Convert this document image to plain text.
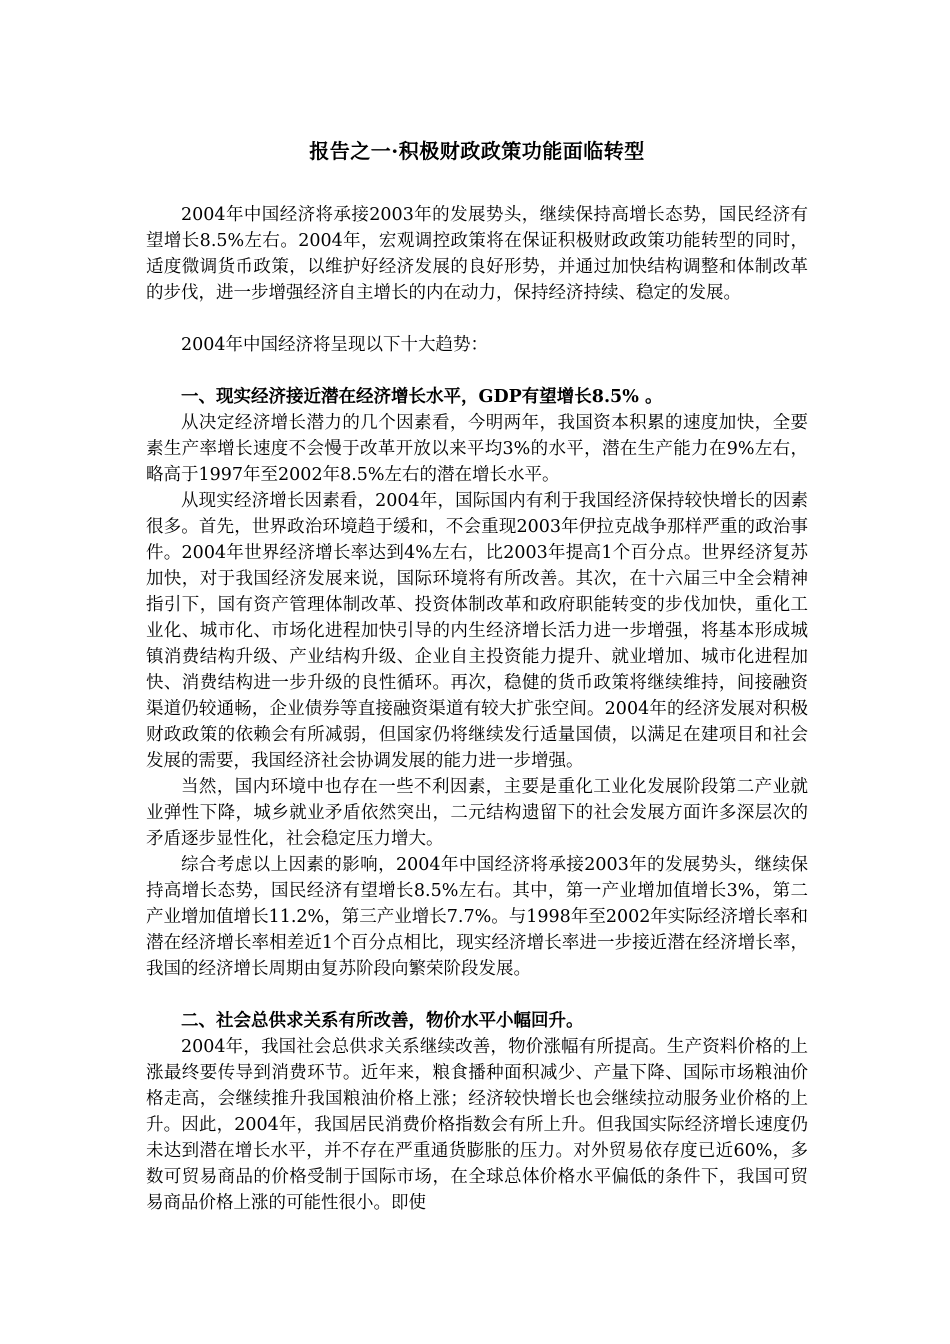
报告之一·积极财政政策功能面临转型

2004年中国经济将承接2003年的发展势头，继续保持高增长态势，国民经济有望增长8.5%左右。2004年，宏观调控政策将在保证积极财政政策功能转型的同时，适度微调货币政策，以维护好经济发展的良好形势，并通过加快结构调整和体制改革的步伐，进一步增强经济自主增长的内在动力，保持经济持续、稳定的发展。

2004年中国经济将呈现以下十大趋势：

一、现实经济接近潜在经济增长水平，GDP有望增长8.5% 。

从决定经济增长潜力的几个因素看，今明两年，我国资本积累的速度加快，全要素生产率增长速度不会慢于改革开放以来平均3%的水平，潜在生产能力在9%左右，略高于1997年至2002年8.5%左右的潜在增长水平。

从现实经济增长因素看，2004年，国际国内有利于我国经济保持较快增长的因素很多。首先，世界政治环境趋于缓和，不会重现2003年伊拉克战争那样严重的政治事件。2004年世界经济增长率达到4%左右，比2003年提高1个百分点。世界经济复苏加快，对于我国经济发展来说，国际环境将有所改善。其次，在十六届三中全会精神指引下，国有资产管理体制改革、投资体制改革和政府职能转变的步伐加快，重化工业化、城市化、市场化进程加快引导的内生经济增长活力进一步增强，将基本形成城镇消费结构升级、产业结构升级、企业自主投资能力提升、就业增加、城市化进程加快、消费结构进一步升级的良性循环。再次，稳健的货币政策将继续维持，间接融资渠道仍较通畅，企业债券等直接融资渠道有较大扩张空间。2004年的经济发展对积极财政政策的依赖会有所减弱，但国家仍将继续发行适量国债，以满足在建项目和社会发展的需要，我国经济社会协调发展的能力进一步增强。

当然，国内环境中也存在一些不利因素，主要是重化工业化发展阶段第二产业就业弹性下降，城乡就业矛盾依然突出，二元结构遗留下的社会发展方面许多深层次的矛盾逐步显性化，社会稳定压力增大。

综合考虑以上因素的影响，2004年中国经济将承接2003年的发展势头，继续保持高增长态势，国民经济有望增长8.5%左右。其中，第一产业增加值增长3%，第二产业增加值增长11.2%，第三产业增长7.7%。与1998年至2002年实际经济增长率和潜在经济增长率相差近1个百分点相比，现实经济增长率进一步接近潜在经济增长率，我国的经济增长周期由复苏阶段向繁荣阶段发展。

二、社会总供求关系有所改善，物价水平小幅回升。

2004年，我国社会总供求关系继续改善，物价涨幅有所提高。生产资料价格的上涨最终要传导到消费环节。近年来，粮食播种面积减少、产量下降、国际市场粮油价格走高，会继续推升我国粮油价格上涨；经济较快增长也会继续拉动服务业价格的上升。因此，2004年，我国居民消费价格指数会有所上升。但我国实际经济增长速度仍未达到潜在增长水平，并不存在严重通货膨胀的压力。对外贸易依存度已近60%，多数可贸易商品的价格受制于国际市场，在全球总体价格水平偏低的条件下，我国可贸易商品价格上涨的可能性很小。即使
